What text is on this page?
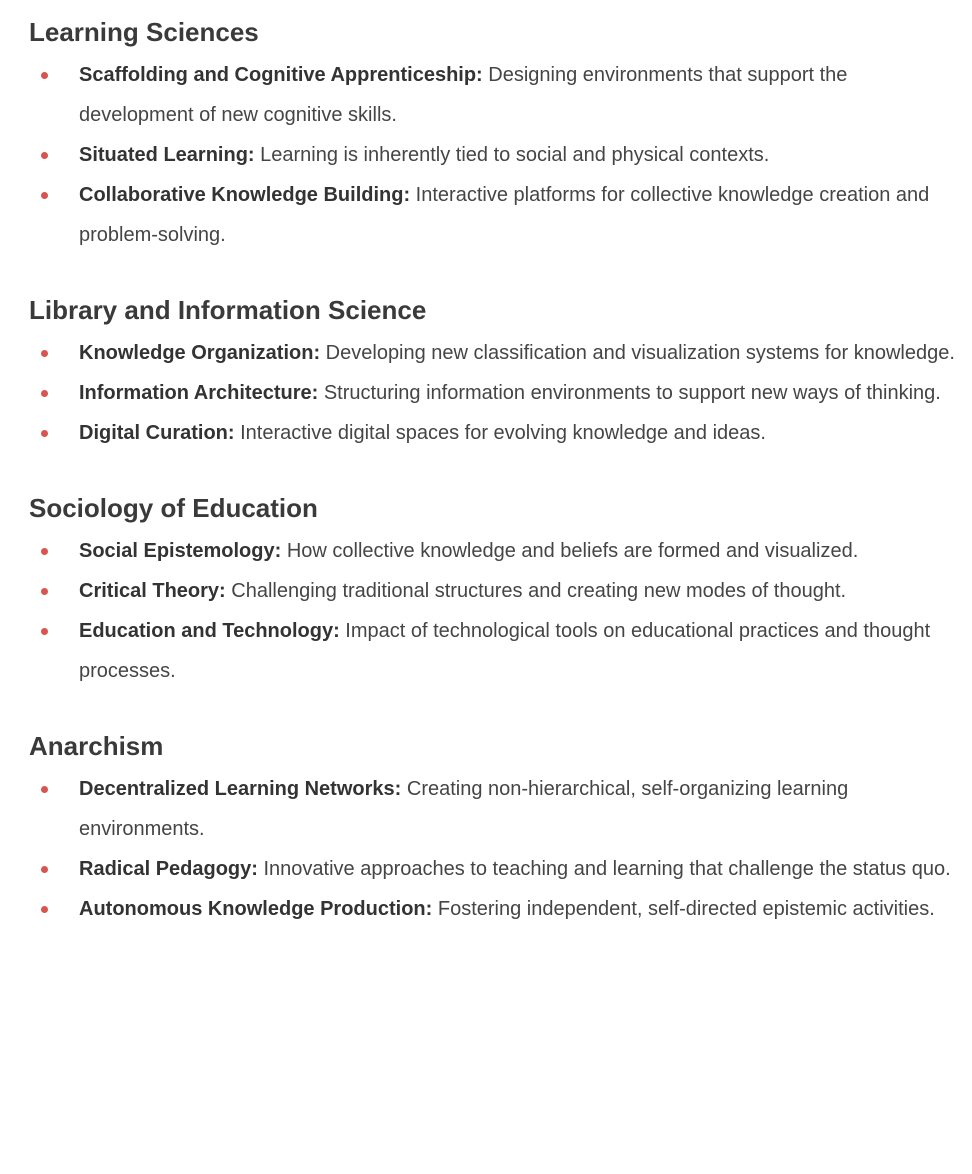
Learning Sciences
Scaffolding and Cognitive Apprenticeship: Designing environments that support the development of new cognitive skills.
Situated Learning: Learning is inherently tied to social and physical contexts.
Collaborative Knowledge Building: Interactive platforms for collective knowledge creation and problem-solving.
Library and Information Science
Knowledge Organization: Developing new classification and visualization systems for knowledge.
Information Architecture: Structuring information environments to support new ways of thinking.
Digital Curation: Interactive digital spaces for evolving knowledge and ideas.
Sociology of Education
Social Epistemology: How collective knowledge and beliefs are formed and visualized.
Critical Theory: Challenging traditional structures and creating new modes of thought.
Education and Technology: Impact of technological tools on educational practices and thought processes.
Anarchism
Decentralized Learning Networks: Creating non-hierarchical, self-organizing learning environments.
Radical Pedagogy: Innovative approaches to teaching and learning that challenge the status quo.
Autonomous Knowledge Production: Fostering independent, self-directed epistemic activities.
